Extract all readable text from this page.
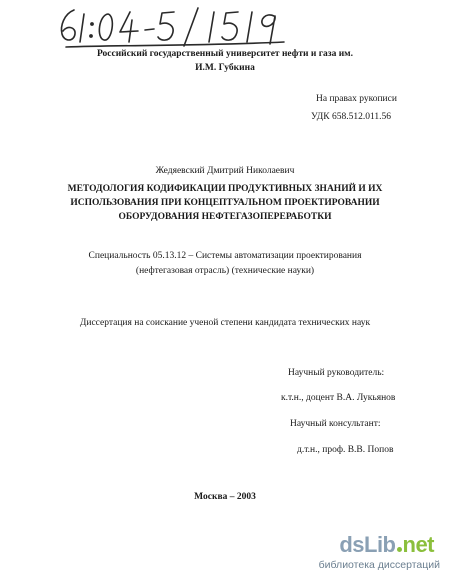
Российский государственный университет нефти и газа им.
И.М. Губкина
На правах рукописи
УДК 658.512.011.56
Жедяевский Дмитрий Николаевич
МЕТОДОЛОГИЯ КОДИФИКАЦИИ ПРОДУКТИВНЫХ ЗНАНИЙ И ИХ
ИСПОЛЬЗОВАНИЯ ПРИ КОНЦЕПТУАЛЬНОМ ПРОЕКТИРОВАНИИ
ОБОРУДОВАНИЯ НЕФТЕГАЗОПЕРЕРАБОТКИ
Специальность 05.13.12 – Системы автоматизации проектирования
(нефтегазовая отрасль) (технические науки)
Диссертация на соискание ученой степени кандидата технических наук
Научный руководитель:
к.т.н., доцент В.А. Лукьянов
Научный консультант:
д.т.н., проф. В.В. Попов
Москва – 2003
dsLib net
библиотека диссертаций
